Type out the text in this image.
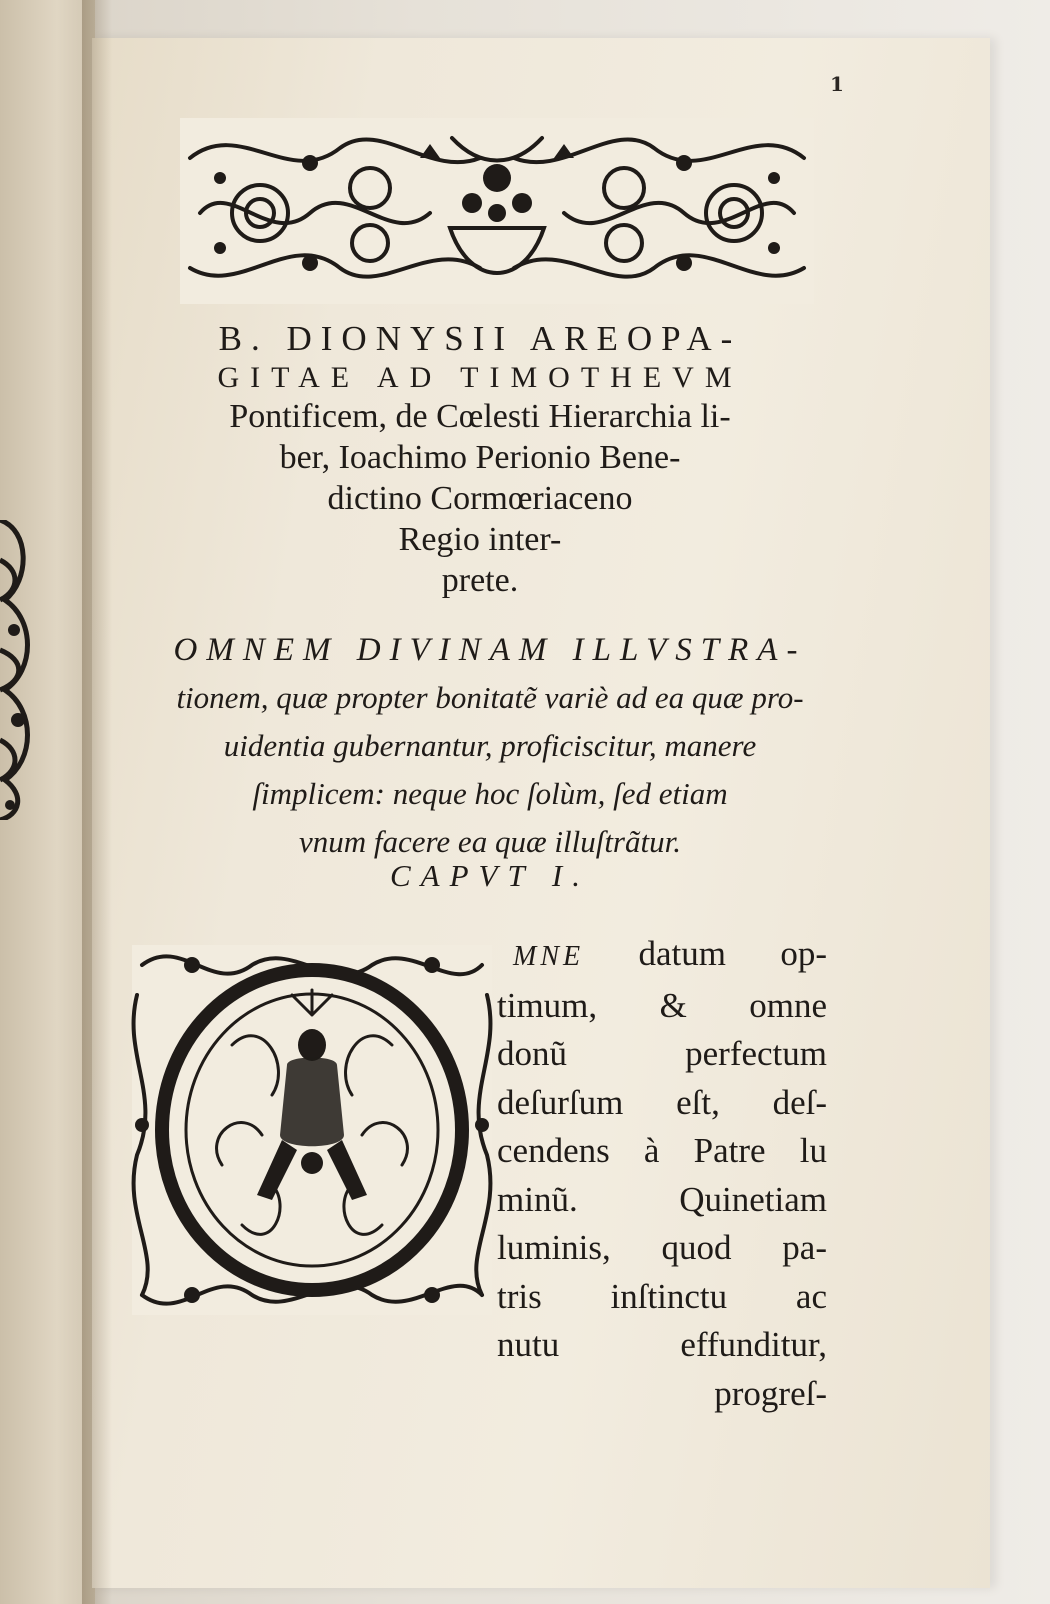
1
B. DIONYSII AREOPA-
GITAE AD TIMOTHEVM
Pontificem, de Cœlesti Hierarchia li-
ber, Ioachimo Perionio Bene-
dictino Cormœriaceno
Regio inter-
prete.
OMNEM DIVINAM ILLVSTRA-
tionem, quæ propter bonitatẽ variè ad ea quæ pro-
uidentia gubernantur, proficiscitur, manere
ſimplicem: neque hoc ſolùm, ſed etiam
vnum facere ea quæ illuſtrãtur.
CAPVT I.
MNE datum op-
timum, & omne
donũ perfectum
deſurſum eſt, deſ-
cendens à Patre lu
minũ. Quinetiam
luminis, quod pa-
tris inſtinctu ac
nutu effunditur,
progreſ-
